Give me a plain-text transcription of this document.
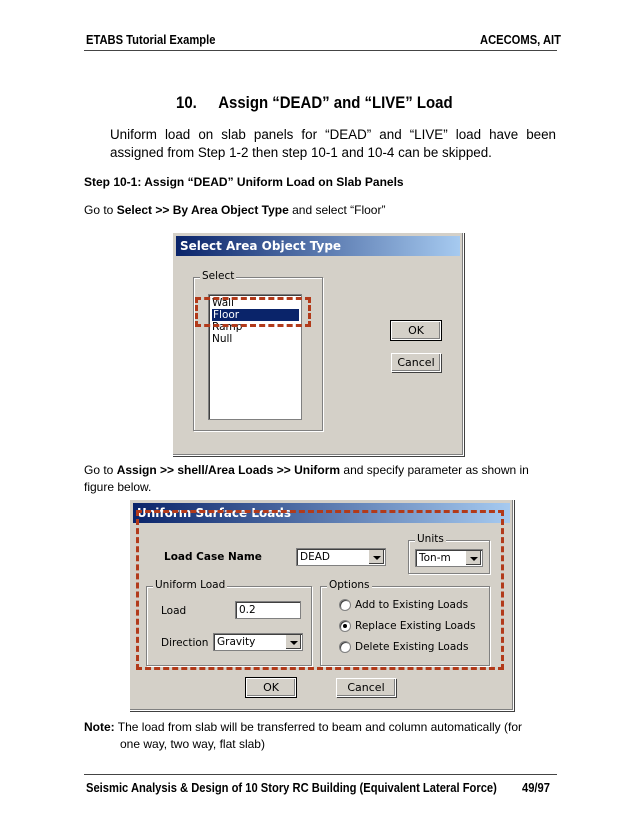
ETABS Tutorial Example	ACECOMS, AIT
10. Assign “DEAD” and “LIVE” Load
Uniform load on slab panels for “DEAD” and “LIVE” load have been assigned from Step 1-2 then step 10-1 and 10-4 can be skipped.
Step 10-1: Assign “DEAD” Uniform Load on Slab Panels
Go to Select >> By Area Object Type and select “Floor”
Select Area Object Type
Select
Wall
Floor
Ramp
Null
OK
Cancel
Go to Assign >> shell/Area Loads >> Uniform and specify parameter as shown in figure below.
Uniform Surface Loads
Load Case Name	DEAD
Units
Ton-m
Uniform Load
Load	0.2
Direction Gravity
Options
Add to Existing Loads
Replace Existing Loads
Delete Existing Loads
OK	Cancel
Note: The load from slab will be transferred to beam and column automatically (for
one way, two way, flat slab)
Seismic Analysis & Design of 10 Story RC Building (Equivalent Lateral Force) 49/97
